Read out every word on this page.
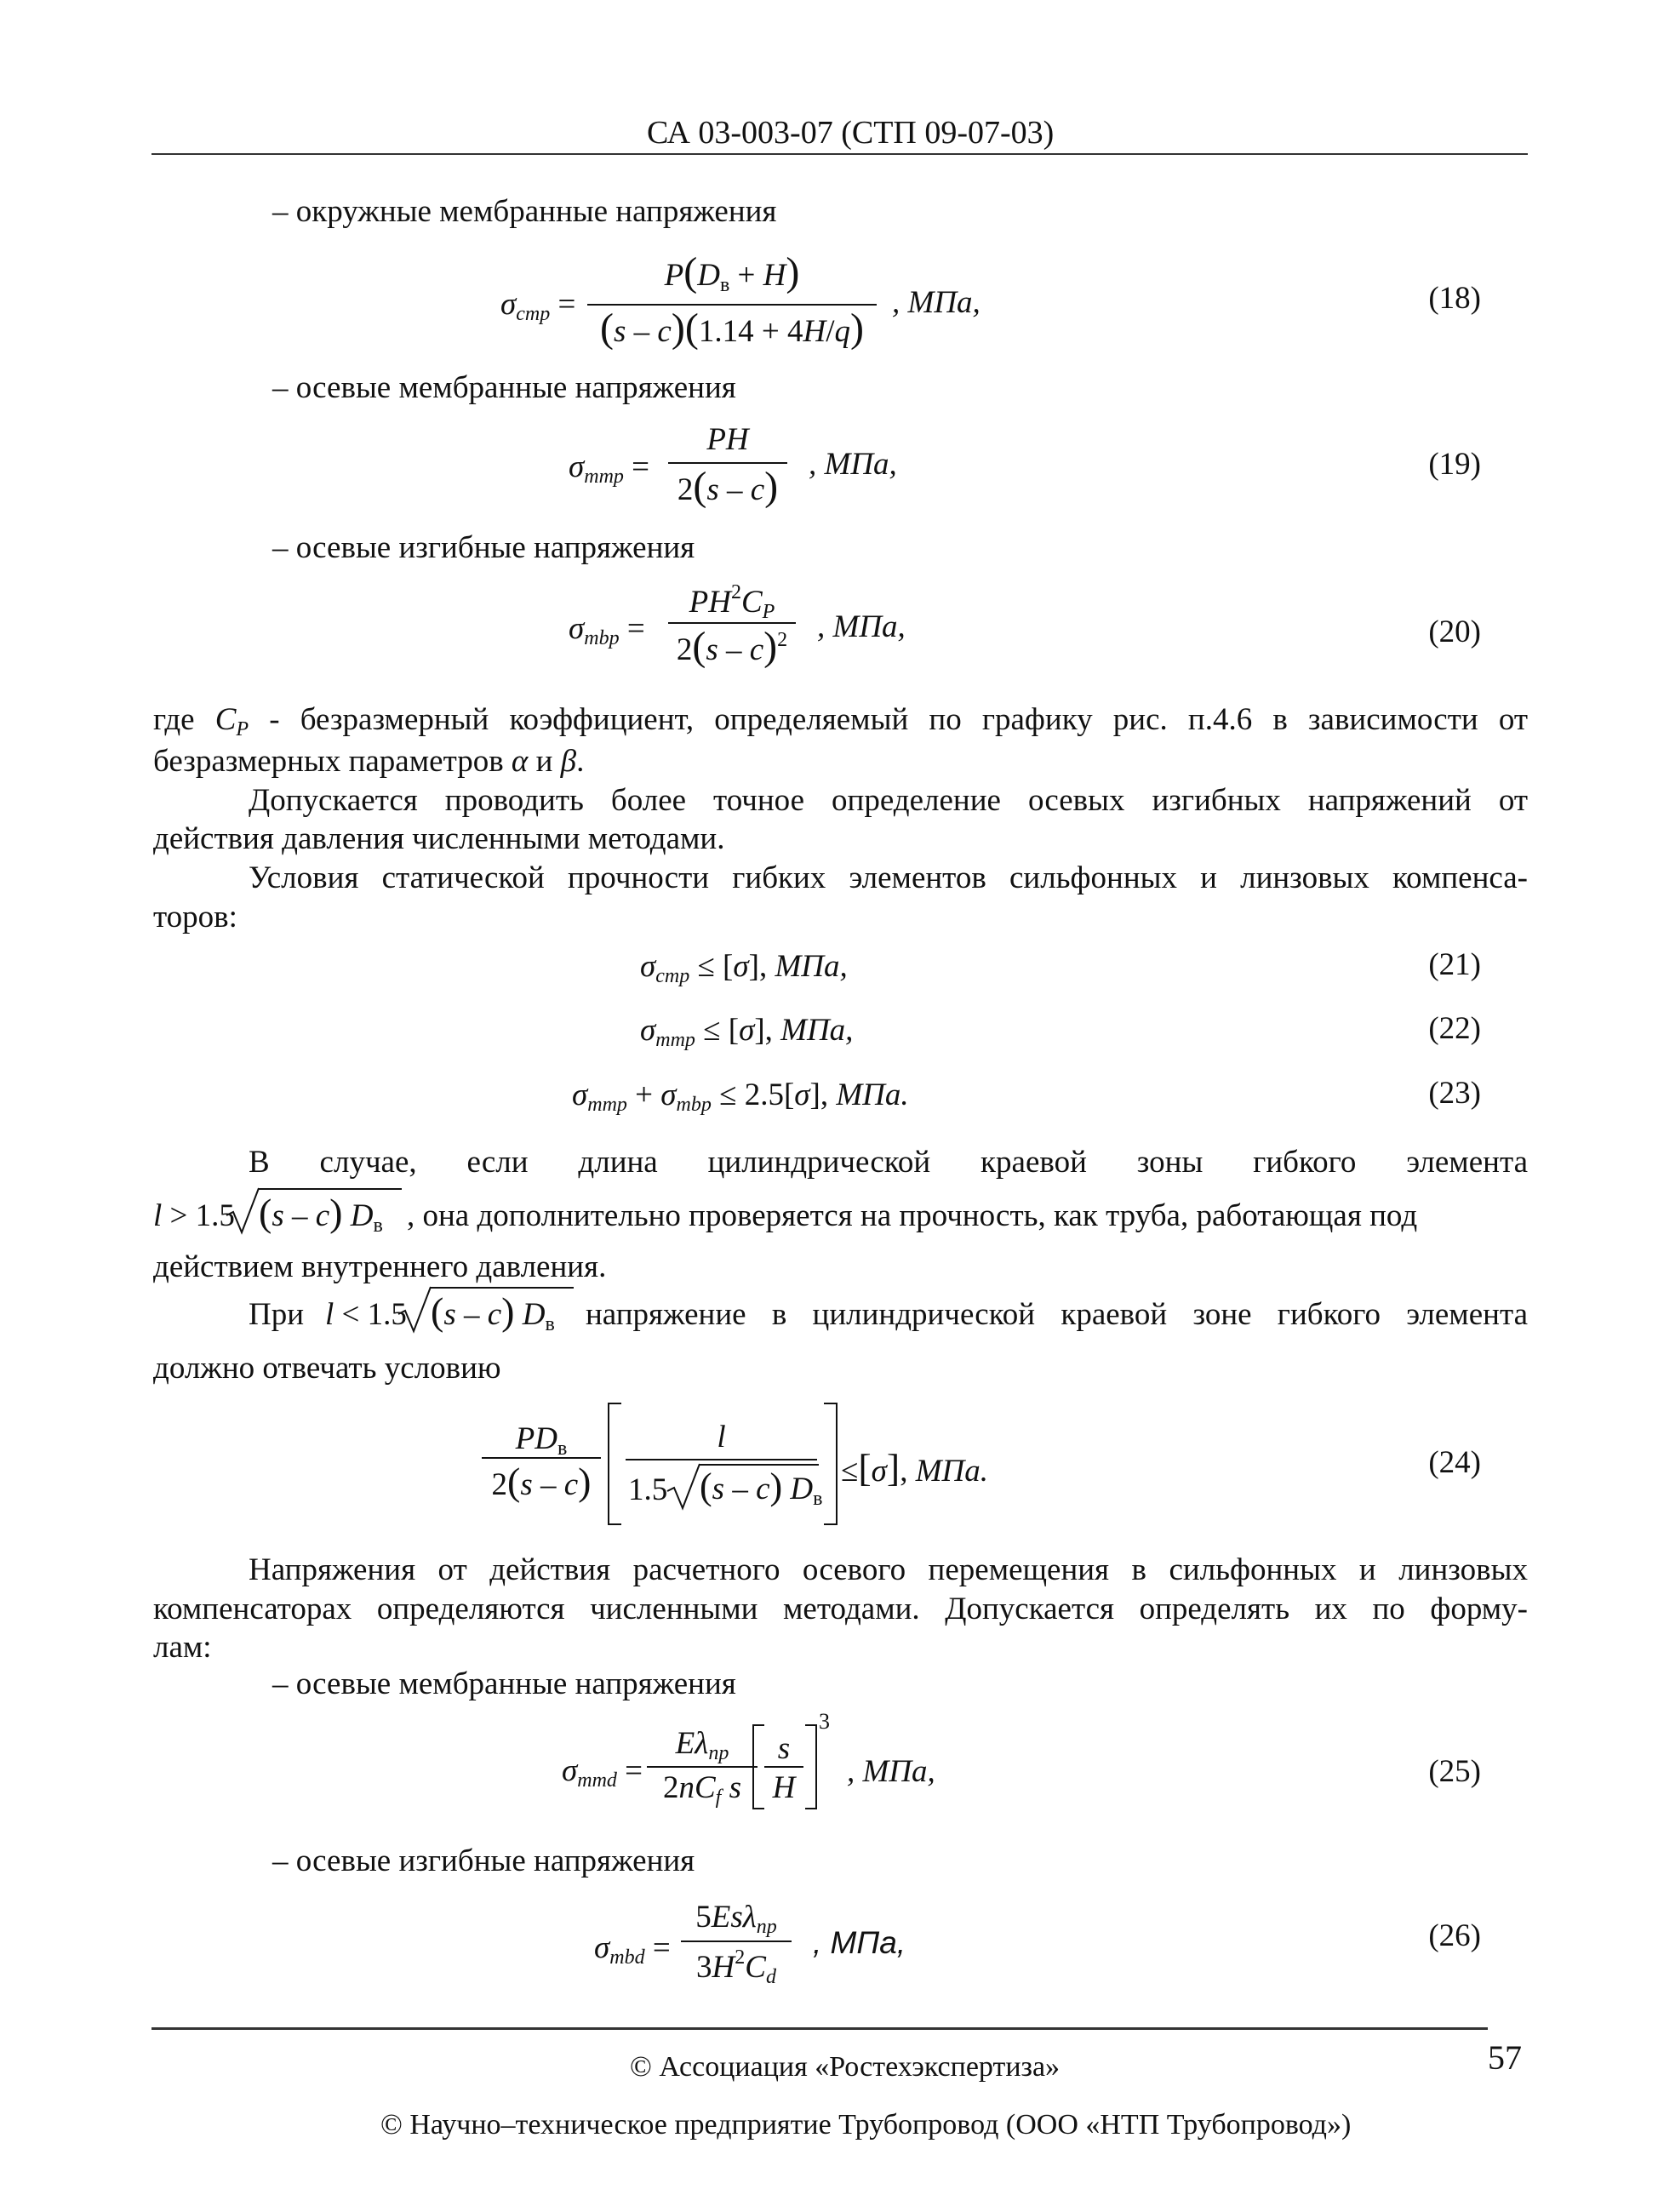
СА 03-003-07 (СТП 09-07-03)
– окружные мембранные напряжения
$\sigma_{cmp}$ =
$P(D_в + H)$
(s – c)(1.14 + 4H/q)
, МПа,	(18)
– осевые мембранные напряжения
$\sigma_{mmp}$ =
PH
2(s – c) , МПа,	(19)
– осевые изгибные напряжения
$\sigma_{mbp}$ =
$PH^2C_P$
2(s – c)$^2$ , МПа,	(20)
где $C_P$ - безразмерный коэффициент, определяемый по графику рис. п.4.6 в зависимости от
безразмерных параметров α и β.
Допускается проводить более точное определение осевых изгибных напряжений от
действия давления численными методами.
Условия статической прочности гибких элементов сильфонных и линзовых компенса-
торов:
$\sigma_{cmp} \le [\sigma]$, МПа,	(21)
$\sigma_{mmp} \le [\sigma]$, МПа,	(22)
$\sigma_{mmp} + \sigma_{mbp} \le 2.5[\sigma]$, МПа.	(23)
В случае, если длина цилиндрической краевой зоны гибкого элемента
l > 1.5 (s – c) $D_в$ , она дополнительно проверяется на прочность, как труба, работающая под
действием внутреннего давления.
При l < 1.5 (s – c) $D_в$ напряжение в цилиндрической краевой зоне гибкого элемента
должно отвечать условию
$PD_в$
2(s – c)
l
1.5 (s – c) $D_в$
≤[σ], МПа.	(24)
Напряжения от действия расчетного осевого перемещения в сильфонных и линзовых
компенсаторах определяются численными методами. Допускается определять их по форму-
лам:
– осевые мембранные напряжения
$\sigma_{mmd}$ =
$E\lambda_{np}$
$2nC_f$ s
s
H
3
, МПа,	(25)
– осевые изгибные напряжения
$\sigma_{mbd}$ =
5Esλ$_{np}$
$3H^2C_d$
, МПа,	(26)
© Ассоциация «Ростехэкспертиза»	57
© Научно–техническое предприятие Трубопровод (ООО «НТП Трубопровод»)
